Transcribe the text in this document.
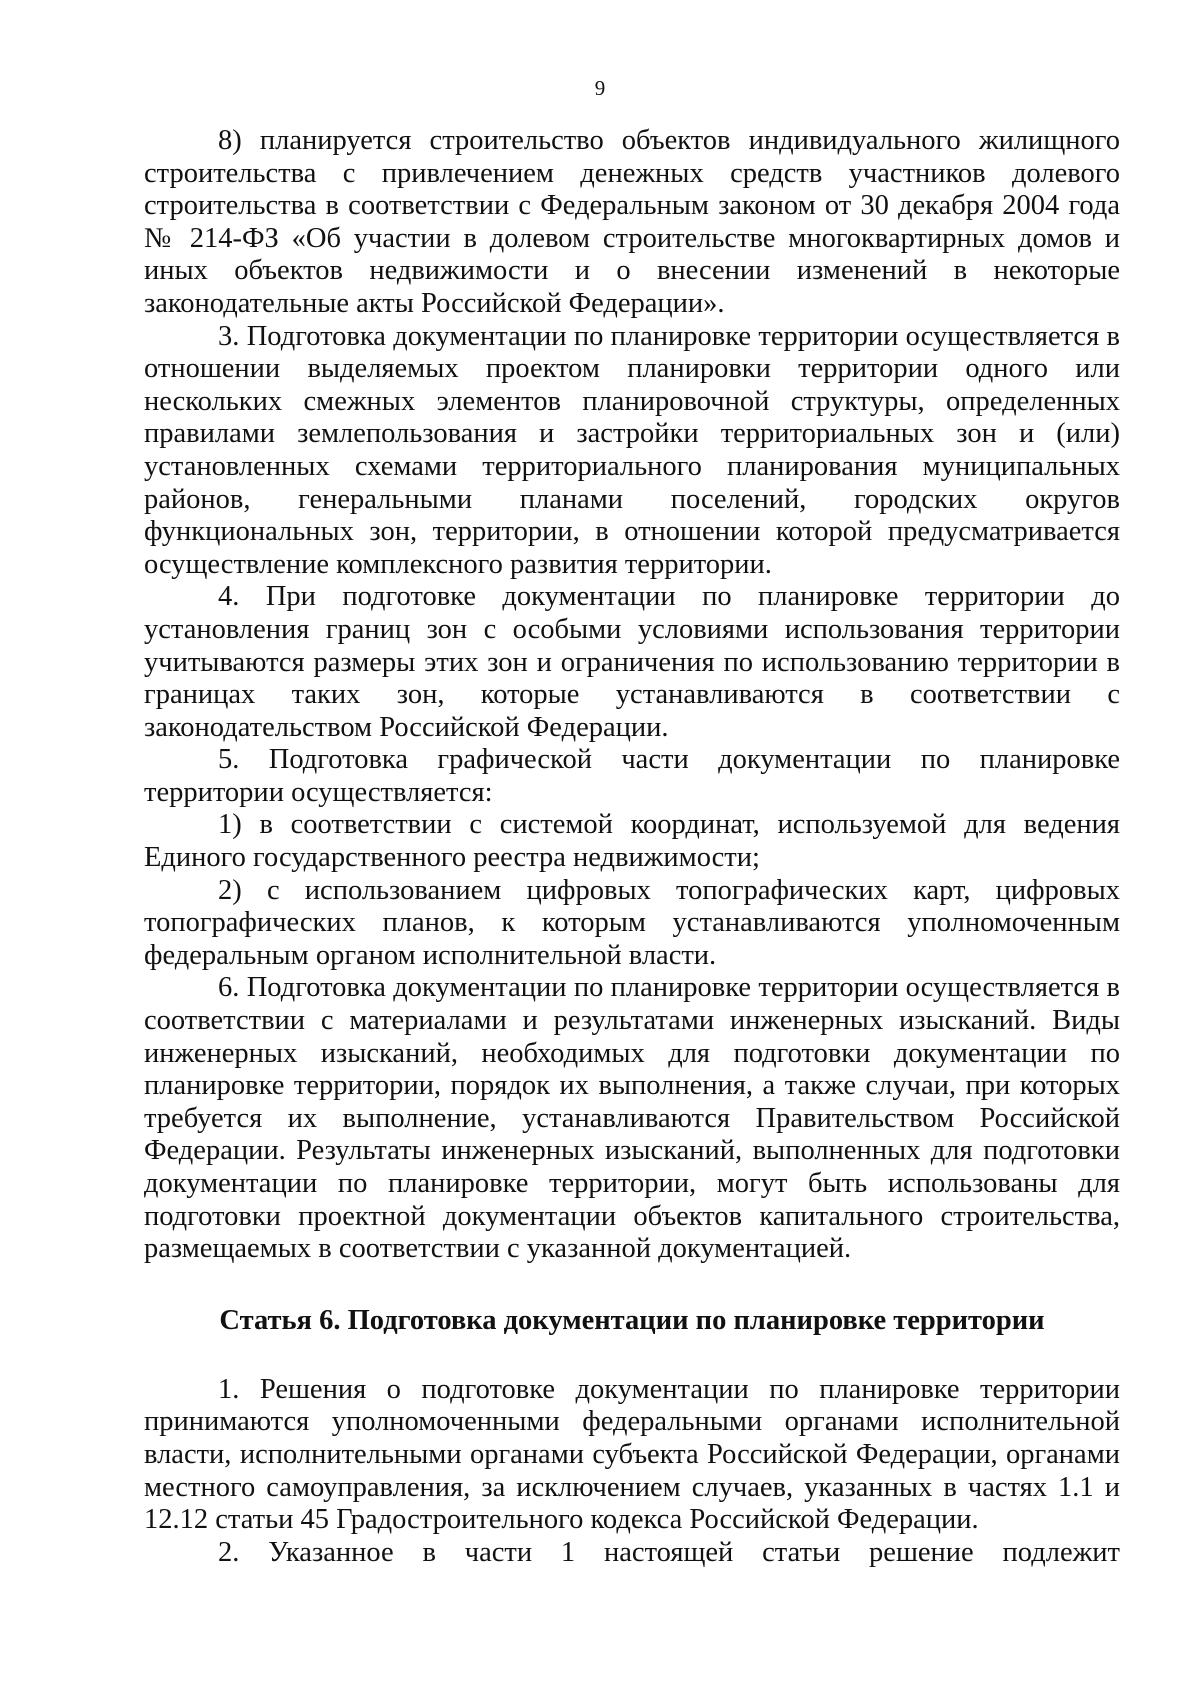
9

8) планируется строительство объектов индивидуального жилищного строительства с привлечением денежных средств участников долевого строительства в соответствии с Федеральным законом от 30 декабря 2004 года № 214-ФЗ «Об участии в долевом строительстве многоквартирных домов и иных объектов недвижимости и о внесении изменений в некоторые законодательные акты Российской Федерации».

3. Подготовка документации по планировке территории осуществляется в отношении выделяемых проектом планировки территории одного или нескольких смежных элементов планировочной структуры, определенных правилами землепользования и застройки территориальных зон и (или) установленных схемами территориального планирования муниципальных районов, генеральными планами поселений, городских округов функциональных зон, территории, в отношении которой предусматривается осуществление комплексного развития территории.

4. При подготовке документации по планировке территории до установления границ зон с особыми условиями использования территории учитываются размеры этих зон и ограничения по использованию территории в границах таких зон, которые устанавливаются в соответствии с законодательством Российской Федерации.

5. Подготовка графической части документации по планировке территории осуществляется:

1) в соответствии с системой координат, используемой для ведения Единого государственного реестра недвижимости;

2) с использованием цифровых топографических карт, цифровых топографических планов, к которым устанавливаются уполномоченным федеральным органом исполнительной власти.

6. Подготовка документации по планировке территории осуществляется в соответствии с материалами и результатами инженерных изысканий. Виды инженерных изысканий, необходимых для подготовки документации по планировке территории, порядок их выполнения, а также случаи, при которых требуется их выполнение, устанавливаются Правительством Российской Федерации. Результаты инженерных изысканий, выполненных для подготовки документации по планировке территории, могут быть использованы для подготовки проектной документации объектов капитального строительства, размещаемых в соответствии с указанной документацией.

Статья 6. Подготовка документации по планировке территории

1. Решения о подготовке документации по планировке территории принимаются уполномоченными федеральными органами исполнительной власти, исполнительными органами субъекта Российской Федерации, органами местного самоуправления, за исключением случаев, указанных в частях 1.1 и 12.12 статьи 45 Градостроительного кодекса Российской Федерации.

2. Указанное в части 1 настоящей статьи решение подлежит
